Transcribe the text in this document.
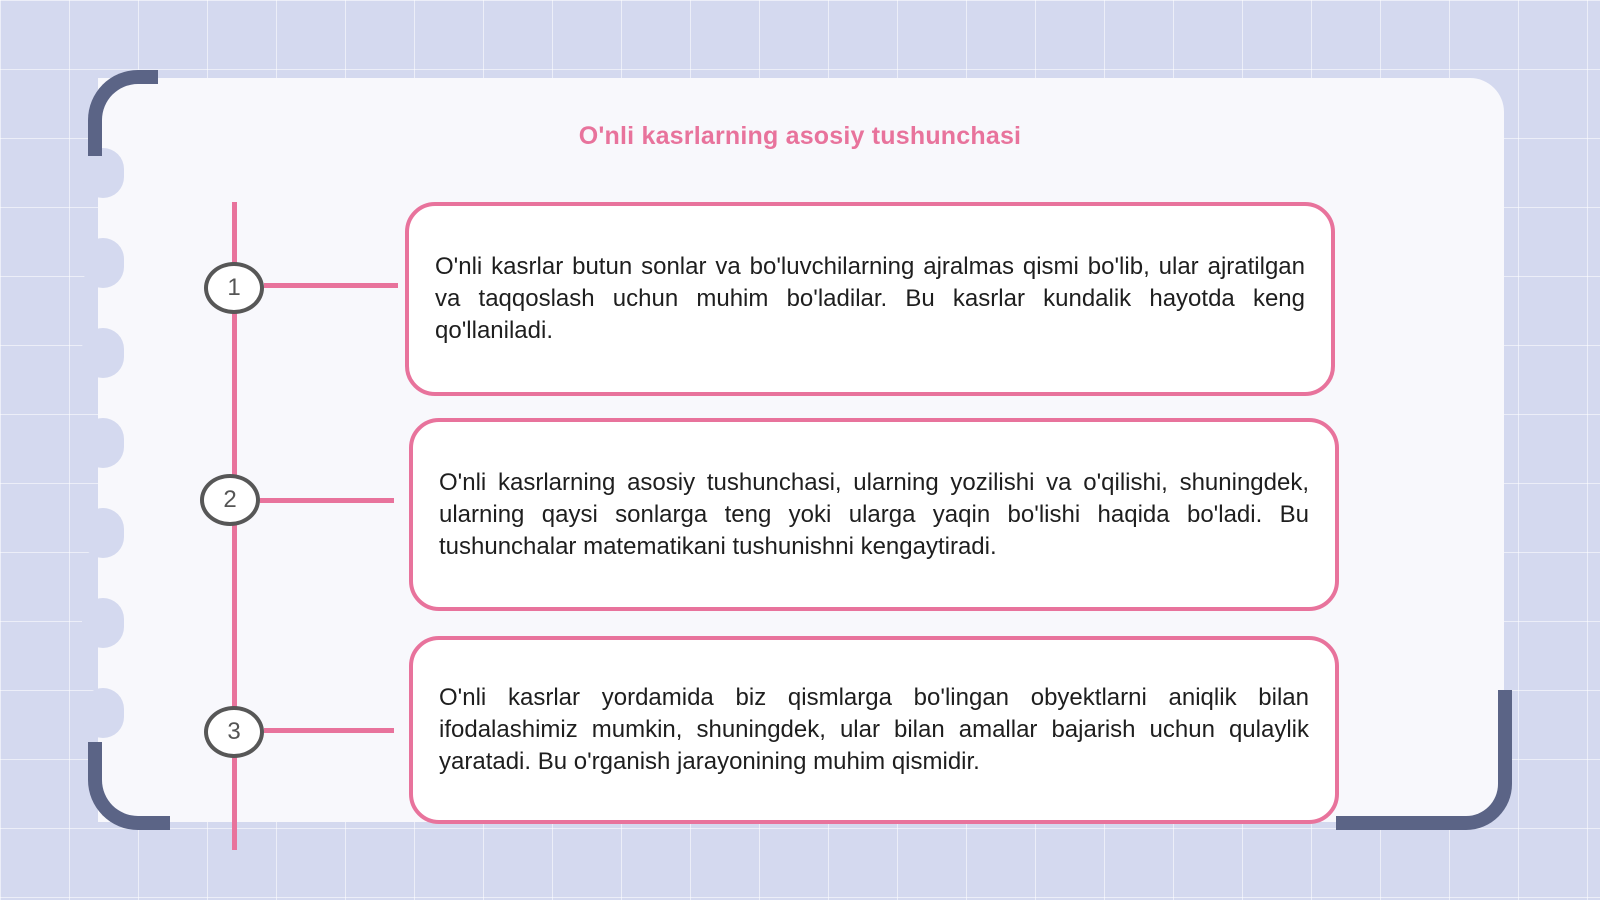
O'nli kasrlarning asosiy tushunchasi
1

O'nli kasrlar butun sonlar va bo'luvchilarning ajralmas qismi bo'lib, ular ajratilgan va taqqoslash uchun muhim bo'ladilar. Bu kasrlar kundalik hayotda keng qo'llaniladi.

2

O'nli kasrlarning asosiy tushunchasi, ularning yozilishi va o'qilishi, shuningdek, ularning qaysi sonlarga teng yoki ularga yaqin bo'lishi haqida bo'ladi. Bu tushunchalar matematikani tushunishni kengaytiradi.

3

O'nli kasrlar yordamida biz qismlarga bo'lingan obyektlarni aniqlik bilan ifodalashimiz mumkin, shuningdek, ular bilan amallar bajarish uchun qulaylik yaratadi. Bu o'rganish jarayonining muhim qismidir.
